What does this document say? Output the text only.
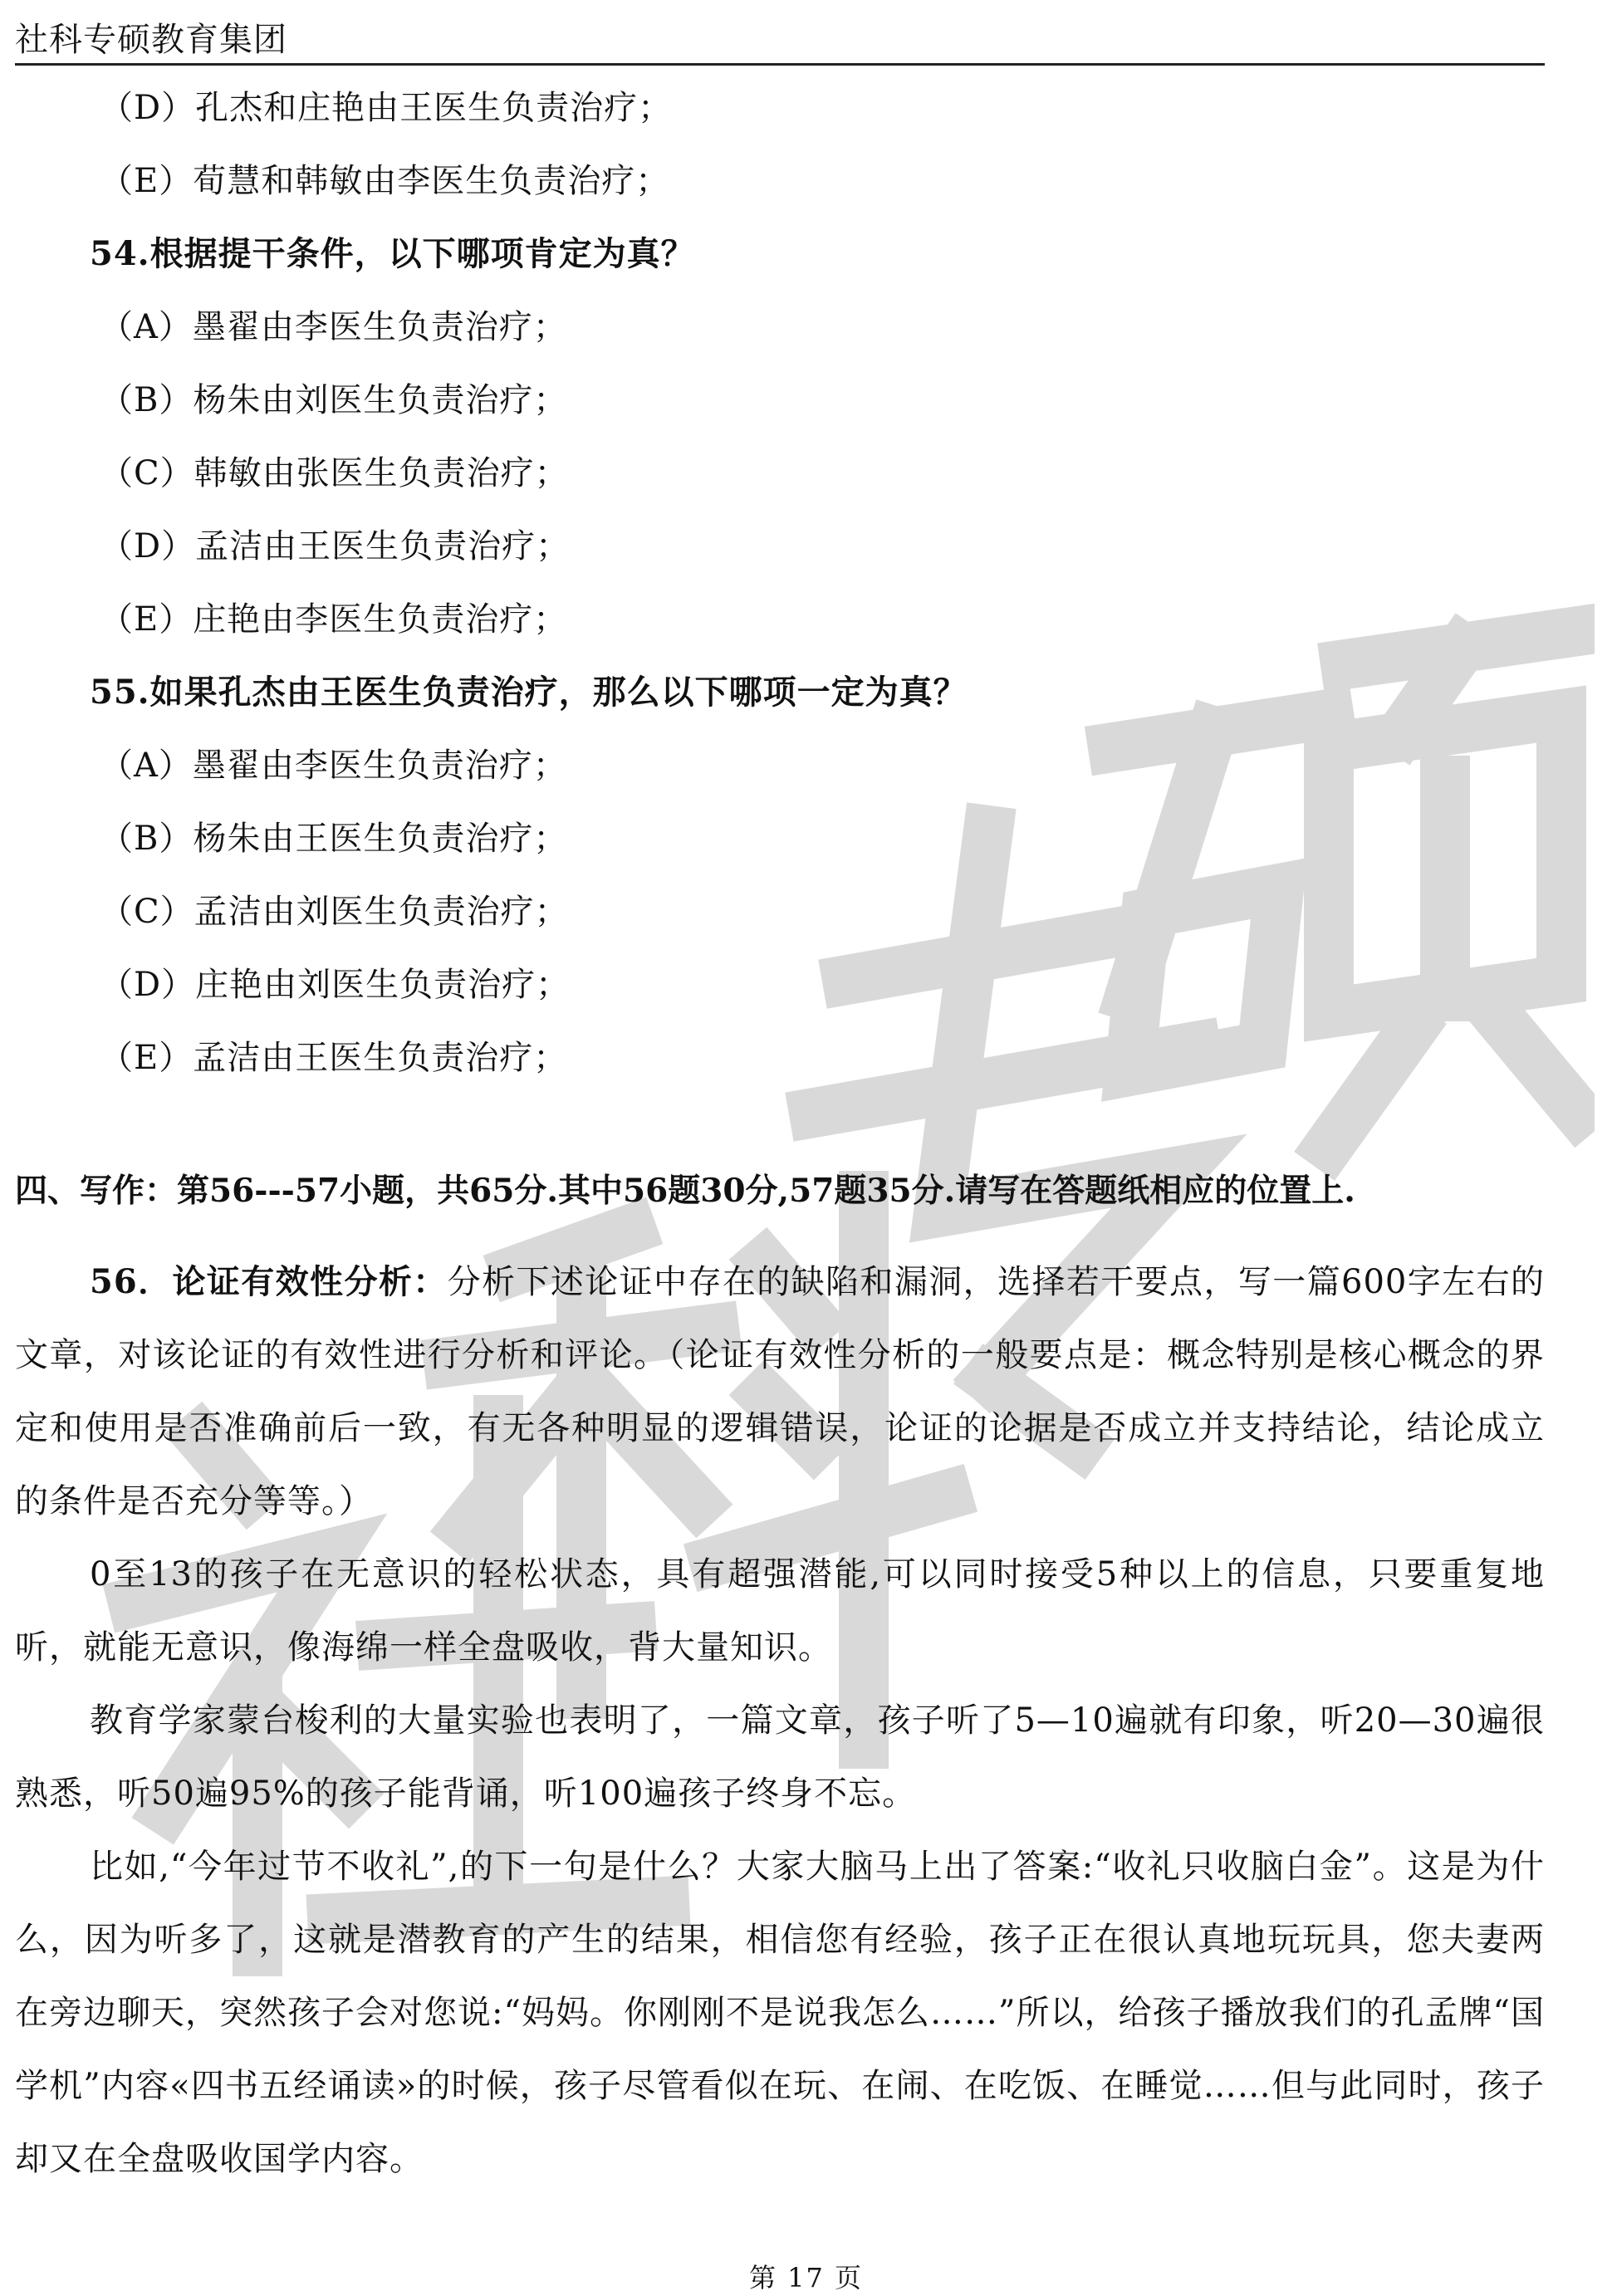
社科专硕教育集团
（D）孔杰和庄艳由王医生负责治疗；
（E）荀慧和韩敏由李医生负责治疗；
54.根据提干条件，以下哪项肯定为真？
（A）墨翟由李医生负责治疗；
（B）杨朱由刘医生负责治疗；
（C）韩敏由张医生负责治疗；
（D）孟洁由王医生负责治疗；
（E）庄艳由李医生负责治疗；
55.如果孔杰由王医生负责治疗，那么以下哪项一定为真？
（A）墨翟由李医生负责治疗；
（B）杨朱由王医生负责治疗；
（C）孟洁由刘医生负责治疗；
（D）庄艳由刘医生负责治疗；
（E）孟洁由王医生负责治疗；
四、写作：第56---57小题，共65分.其中56题30分,57题35分.请写在答题纸相应的位置上.
56．论证有效性分析：分析下述论证中存在的缺陷和漏洞，选择若干要点，写一篇600字左右的文章，对该论证的有效性进行分析和评论。（论证有效性分析的一般要点是：概念特别是核心概念的界定和使用是否准确前后一致，有无各种明显的逻辑错误，论证的论据是否成立并支持结论，结论成立的条件是否充分等等。）
0至13的孩子在无意识的轻松状态，具有超强潜能,可以同时接受5种以上的信息，只要重复地听，就能无意识，像海绵一样全盘吸收，背大量知识。
教育学家蒙台梭利的大量实验也表明了，一篇文章，孩子听了5—10遍就有印象，听20—30遍很熟悉，听50遍95%的孩子能背诵，听100遍孩子终身不忘。
比如,“今年过节不收礼”,的下一句是什么？大家大脑马上出了答案:“收礼只收脑白金”。这是为什么，因为听多了，这就是潜教育的产生的结果，相信您有经验，孩子正在很认真地玩玩具，您夫妻两在旁边聊天，突然孩子会对您说:“妈妈。你刚刚不是说我怎么……”所以，给孩子播放我们的孔孟牌“国学机”内容«四书五经诵读»的时候，孩子尽管看似在玩、在闹、在吃饭、在睡觉……但与此同时，孩子却又在全盘吸收国学内容。
第 17 页
